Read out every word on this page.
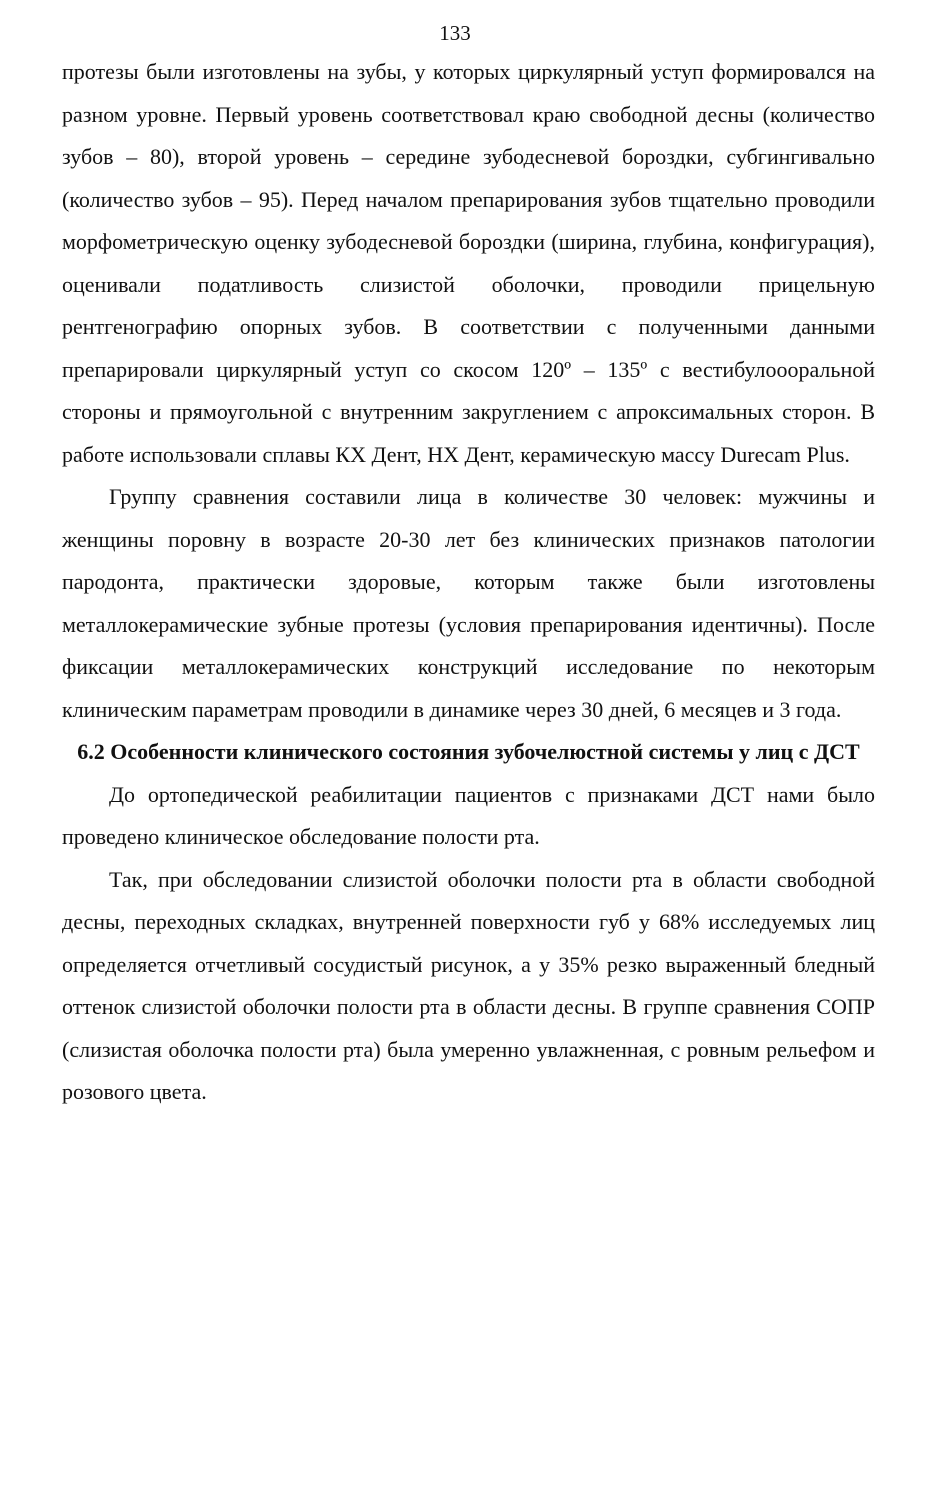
133

протезы были изготовлены на зубы, у которых циркулярный уступ формировался на разном уровне. Первый уровень соответствовал краю свободной десны (количество зубов – 80), второй уровень – середине зубодесневой бороздки, субгингивально (количество зубов – 95). Перед началом препарирования зубов тщательно проводили морфометрическую оценку зубодесневой бороздки (ширина, глубина, конфигурация), оценивали податливость слизистой оболочки, проводили прицельную рентгенографию опорных зубов. В соответствии с полученными данными препарировали циркулярный уступ со скосом 120º – 135º с вестибулоооральной стороны и прямоугольной с внутренним закруглением с апроксимальных сторон. В работе использовали сплавы КХ Дент, НХ Дент, керамическую массу Durecam Plus.

Группу сравнения составили лица в количестве 30 человек: мужчины и женщины поровну в возрасте 20-30 лет без клинических признаков патологии пародонта, практически здоровые, которым также были изготовлены металлокерамические зубные протезы (условия препарирования идентичны). После фиксации металлокерамических конструкций исследование по некоторым клиническим параметрам проводили в динамике через 30 дней, 6 месяцев и 3 года.

6.2 Особенности клинического состояния зубочелюстной системы у лиц с ДСТ

До ортопедической реабилитации пациентов с признаками ДСТ нами было проведено клиническое обследование полости рта.

Так, при обследовании слизистой оболочки полости рта в области свободной десны, переходных складках, внутренней поверхности губ у 68% исследуемых лиц определяется отчетливый сосудистый рисунок, а у 35% резко выраженный бледный оттенок слизистой оболочки полости рта в области десны. В группе сравнения СОПР (слизистая оболочка полости рта) была умеренно увлажненная, с ровным рельефом и розового цвета.
